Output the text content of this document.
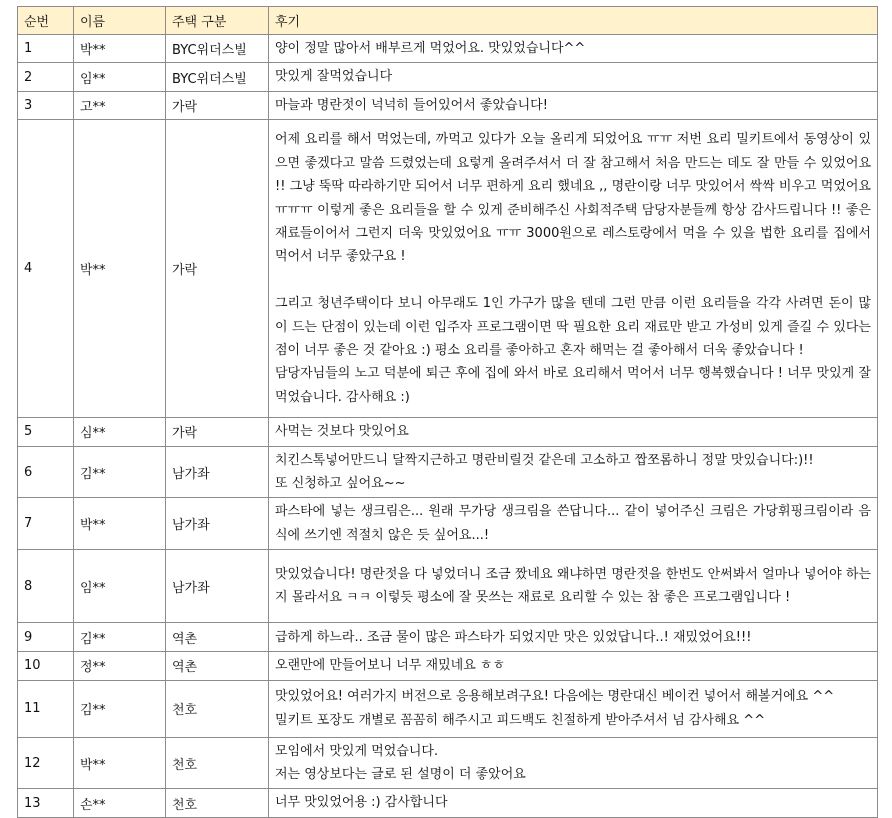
순번	이름	주택 구분	후기
1	박**	BYC위더스빌	양이 정말 많아서 배부르게 먹었어요. 맛있었습니다^^
2	임**	BYC위더스빌	맛있게 잘먹었습니다
3	고**	가락	마늘과 명란젓이 넉넉히 들어있어서 좋았습니다!
4	박**	가락	어제 요리를 해서 먹었는데, 까먹고 있다가 오늘 올리게 되었어요 ㅠㅠ 저번 요리 밀키트에서 동영상이 있으면 좋겠다고 말씀 드렸었는데 요렇게 올려주셔서 더 잘 참고해서 처음 만드는 데도 잘 만들 수 있었어요 !! 그냥 뚝딱 따라하기만 되어서 너무 편하게 요리 했네요 ,, 명란이랑 너무 맛있어서 싹싹 비우고 먹었어요 ㅠㅠㅠ 이렇게 좋은 요리들을 할 수 있게 준비해주신 사회적주택 담당자분들께 항상 감사드립니다 !! 좋은 재료들이어서 그런지 더욱 맛있었어요 ㅠㅠ 3000원으로 레스토랑에서 먹을 수 있을 법한 요리를 집에서 먹어서 너무 좋았구요 !

그리고 청년주택이다 보니 아무래도 1인 가구가 많을 텐데 그런 만큼 이런 요리들을 각각 사려면 돈이 많이 드는 단점이 있는데 이런 입주자 프로그램이면 딱 필요한 요리 재료만 받고 가성비 있게 즐길 수 있다는 점이 너무 좋은 것 같아요 :) 평소 요리를 좋아하고 혼자 해먹는 걸 좋아해서 더욱 좋았습니다 !
담당자님들의 노고 덕분에 퇴근 후에 집에 와서 바로 요리해서 먹어서 너무 행복했습니다 ! 너무 맛있게 잘 먹었습니다. 감사해요 :)
5	심**	가락	사먹는 것보다 맛있어요
6	김**	남가좌	치킨스톡넣어만드니 달짝지근하고 명란비릴것 같은데 고소하고 짭쪼롬하니 정말 맛있습니다:)!!
또 신청하고 싶어요~~
7	박**	남가좌	파스타에 넣는 생크림은... 원래 무가당 생크림을 쓴답니다... 같이 넣어주신 크림은 가당휘핑크림이라 음식에 쓰기엔 적절치 않은 듯 싶어요...!
8	임**	남가좌	맛있었습니다! 명란젓을 다 넣었더니 조금 짰네요 왜냐하면 명란젓을 한번도 안써봐서 얼마나 넣어야 하는지 몰라서요 ㅋㅋ 이렇듯 평소에 잘 못쓰는 재료로 요리할 수 있는 참 좋은 프로그램입니다 !
9	김**	역촌	급하게 하느라.. 조금 물이 많은 파스타가 되었지만 맛은 있었답니다..! 재밌었어요!!!
10	정**	역촌	오랜만에 만들어보니 너무 재밌네요 ㅎㅎ
11	김**	천호	맛있었어요! 여러가지 버전으로 응용해보려구요! 다음에는 명란대신 베이컨 넣어서 해볼거에요 ^^
밀키트 포장도 개별로 꼼꼼히 해주시고 피드백도 친절하게 받아주셔서 넘 감사해요 ^^
12	박**	천호	모임에서 맛있게 먹었습니다.
저는 영상보다는 글로 된 설명이 더 좋았어요
13	손**	천호	너무 맛있었어용 :) 감사합니다
